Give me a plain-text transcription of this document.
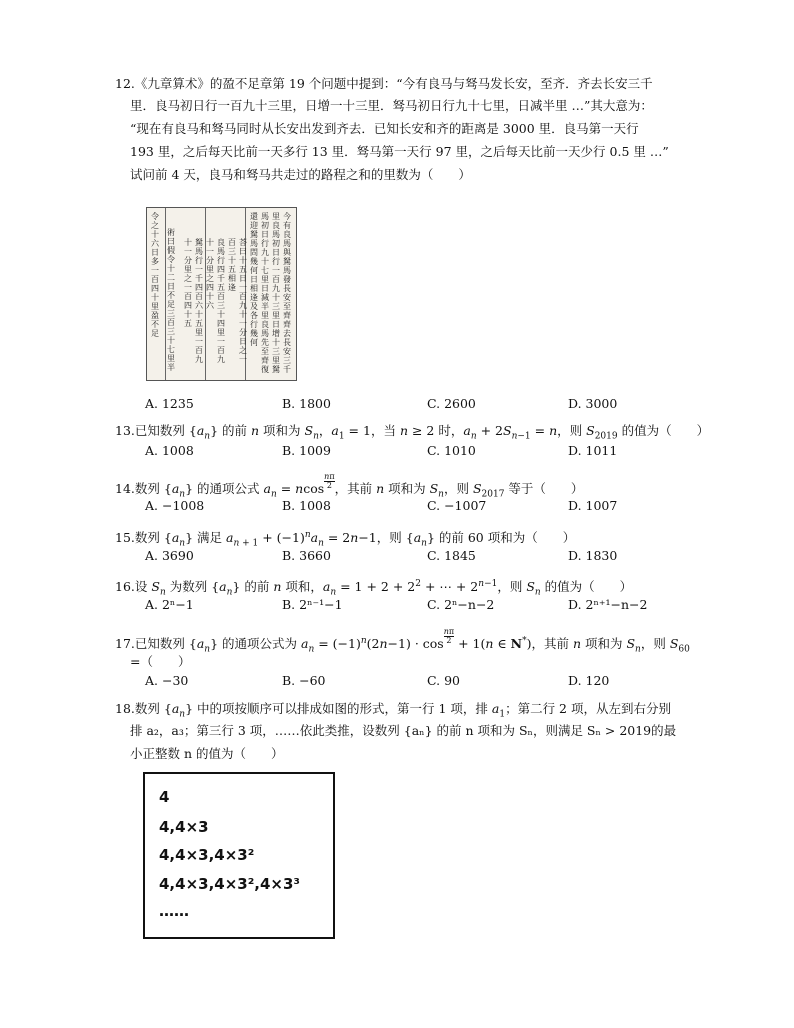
12.《九章算术》的盈不足章第 19 个问题中提到：“今有良马与驽马发长安，至齐．齐去长安三千
里．良马初日行一百九十三里，日增一十三里．驽马初日行九十七里，日减半里 …”其大意为：
“现在有良马和驽马同时从长安出发到齐去．已知长安和齐的距离是 3000 里．良马第一天行
193 里，之后每天比前一天多行 13 里．驽马第一天行 97 里，之后每天比前一天少行 0.5 里 …”
试问前 4 天，良马和驽马共走过的路程之和的里数为（　　）
今有良馬與駑馬發長安至齊齊去長安三千
里良馬初日行一百九十三里日增十三里駑
馬初日行九十七里日減半里良馬先至齊復
還迎駑馬問幾何日相逢及各行幾何
荅曰十五日一百九十一分日之一
百三十五相逢
良馬行四千五百三十四里一百九
十一分里之四十六
駑馬行一千四百六十五里一百九
十一分里之一百四十五
術曰假令十二日不足三百三十七里半
令之十六日多一百四十里盈不足
A. 1235	B. 1800	C. 2600	D. 3000
13.已知数列 $\{a_n\}$ 的前 n 项和为 $S_n$，$a_1 = 1$，当 n ≥ 2 时，$a_n + 2S_{n-1} = n$，则 $S_{2019}$ 的值为（　　）
A. 1008	B. 1009	C. 1010	D. 1011
14.数列 $\{a_n\}$ 的通项公式 $a_n = ncos \frac{n\pi}{2}$ ，其前 n 项和为 $S_n$，则 $S_{2017}$ 等于（　　）
A. −1008	B. 1008	C. −1007	D. 1007
15.数列 $\{a_n\}$ 满足 $a_{n + 1} + (-1)^na_n = 2n-1$，则 $\{a_n\}$ 的前 60 项和为（　　）
A. 3690	B. 3660	C. 1845	D. 1830
16.设 $S_n$ 为数列 $\{a_n\}$ 的前 n 项和，$a_n = 1 + 2 + 2^2$ + ⋯ + $2^{n-1}$，则 $S_n$ 的值为（　　）
A. 2ⁿ−1	B. 2ⁿ⁻¹−1	C. 2ⁿ−n−2	D. 2ⁿ⁺¹−n−2
17.已知数列 $\{a_n\}$ 的通项公式为 $a_n = (-1)^n(2n-1) \cdot \cos \frac{n\pi}{2} + 1(n$ ∈ N*)，其前 n 项和为 $S_n$，则 $S_{60}$
=（　　）
A. −30	B. −60	C. 90	D. 120
18.数列 $\{a_n\}$ 中的项按顺序可以排成如图的形式，第一行 1 项，排 $a_1$；第二行 2 项，从左到右分别
排 a₂，a₃；第三行 3 项，……依此类推，设数列 {aₙ} 的前 n 项和为 Sₙ，则满足 Sₙ > 2019的最
小正整数 n 的值为（　　）
4
4,4×3
4,4×3,4×3²
4,4×3,4×3²,4×3³
……
